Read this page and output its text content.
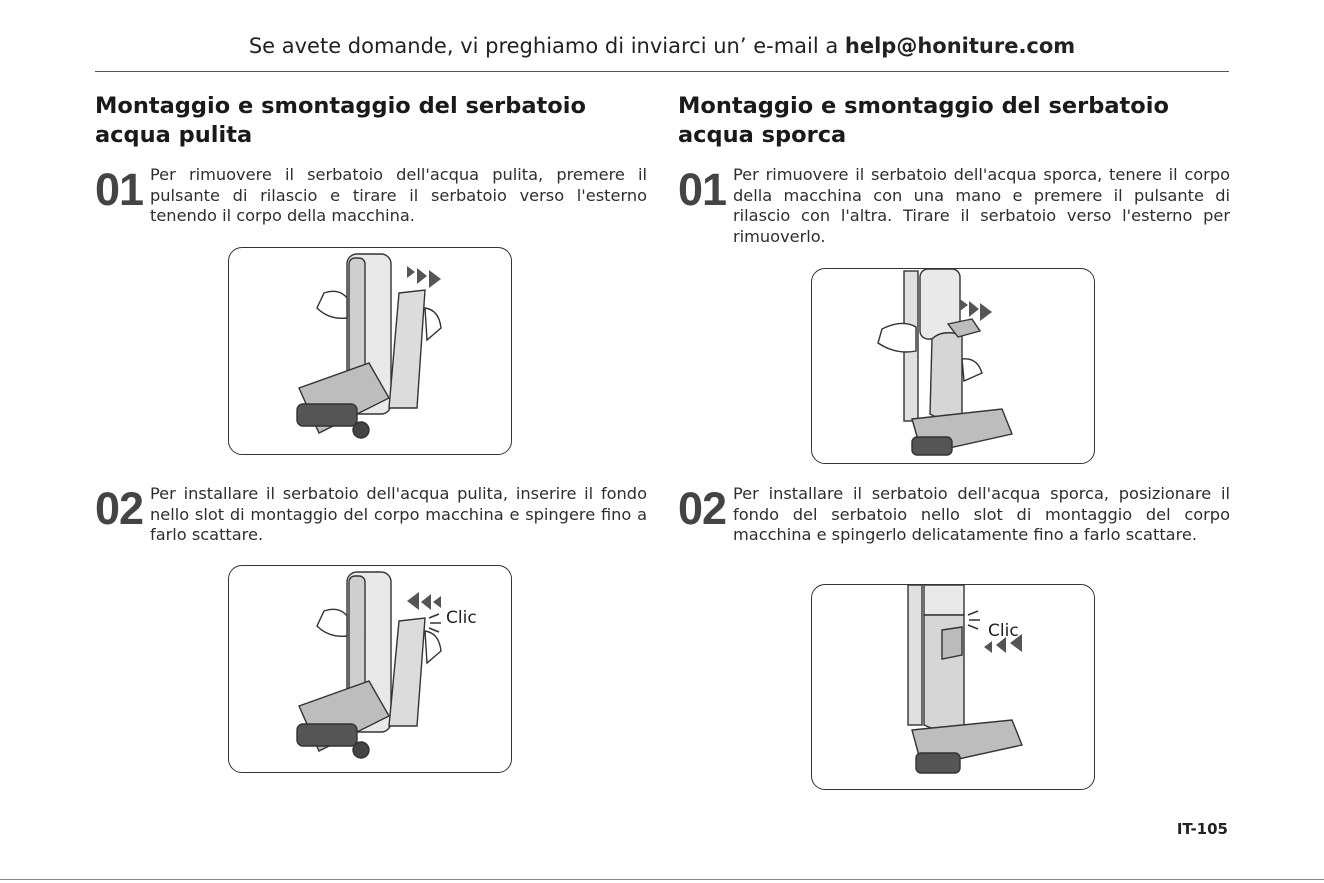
Se avete domande, vi preghiamo di inviarci un’ e-mail a help@honiture.com
Montaggio e smontaggio del serbatoio acqua pulita
01 Per rimuovere il serbatoio dell'acqua pulita, premere il pulsante di rilascio e tirare il serbatoio verso l'esterno tenendo il corpo della macchina.
02 Per installare il serbatoio dell'acqua pulita, inserire il fondo nello slot di montaggio del corpo macchina e spingere fino a farlo scattare.
Clic
Montaggio e smontaggio del serbatoio acqua sporca
01 Per rimuovere il serbatoio dell'acqua sporca, tenere il corpo della macchina con una mano e premere il pulsante di rilascio con l'altra. Tirare il serbatoio verso l'esterno per rimuoverlo.
02 Per installare il serbatoio dell'acqua sporca, posizionare il fondo del serbatoio nello slot di montaggio del corpo macchina e spingerlo delicatamente fino a farlo scattare.
Clic
IT-105
